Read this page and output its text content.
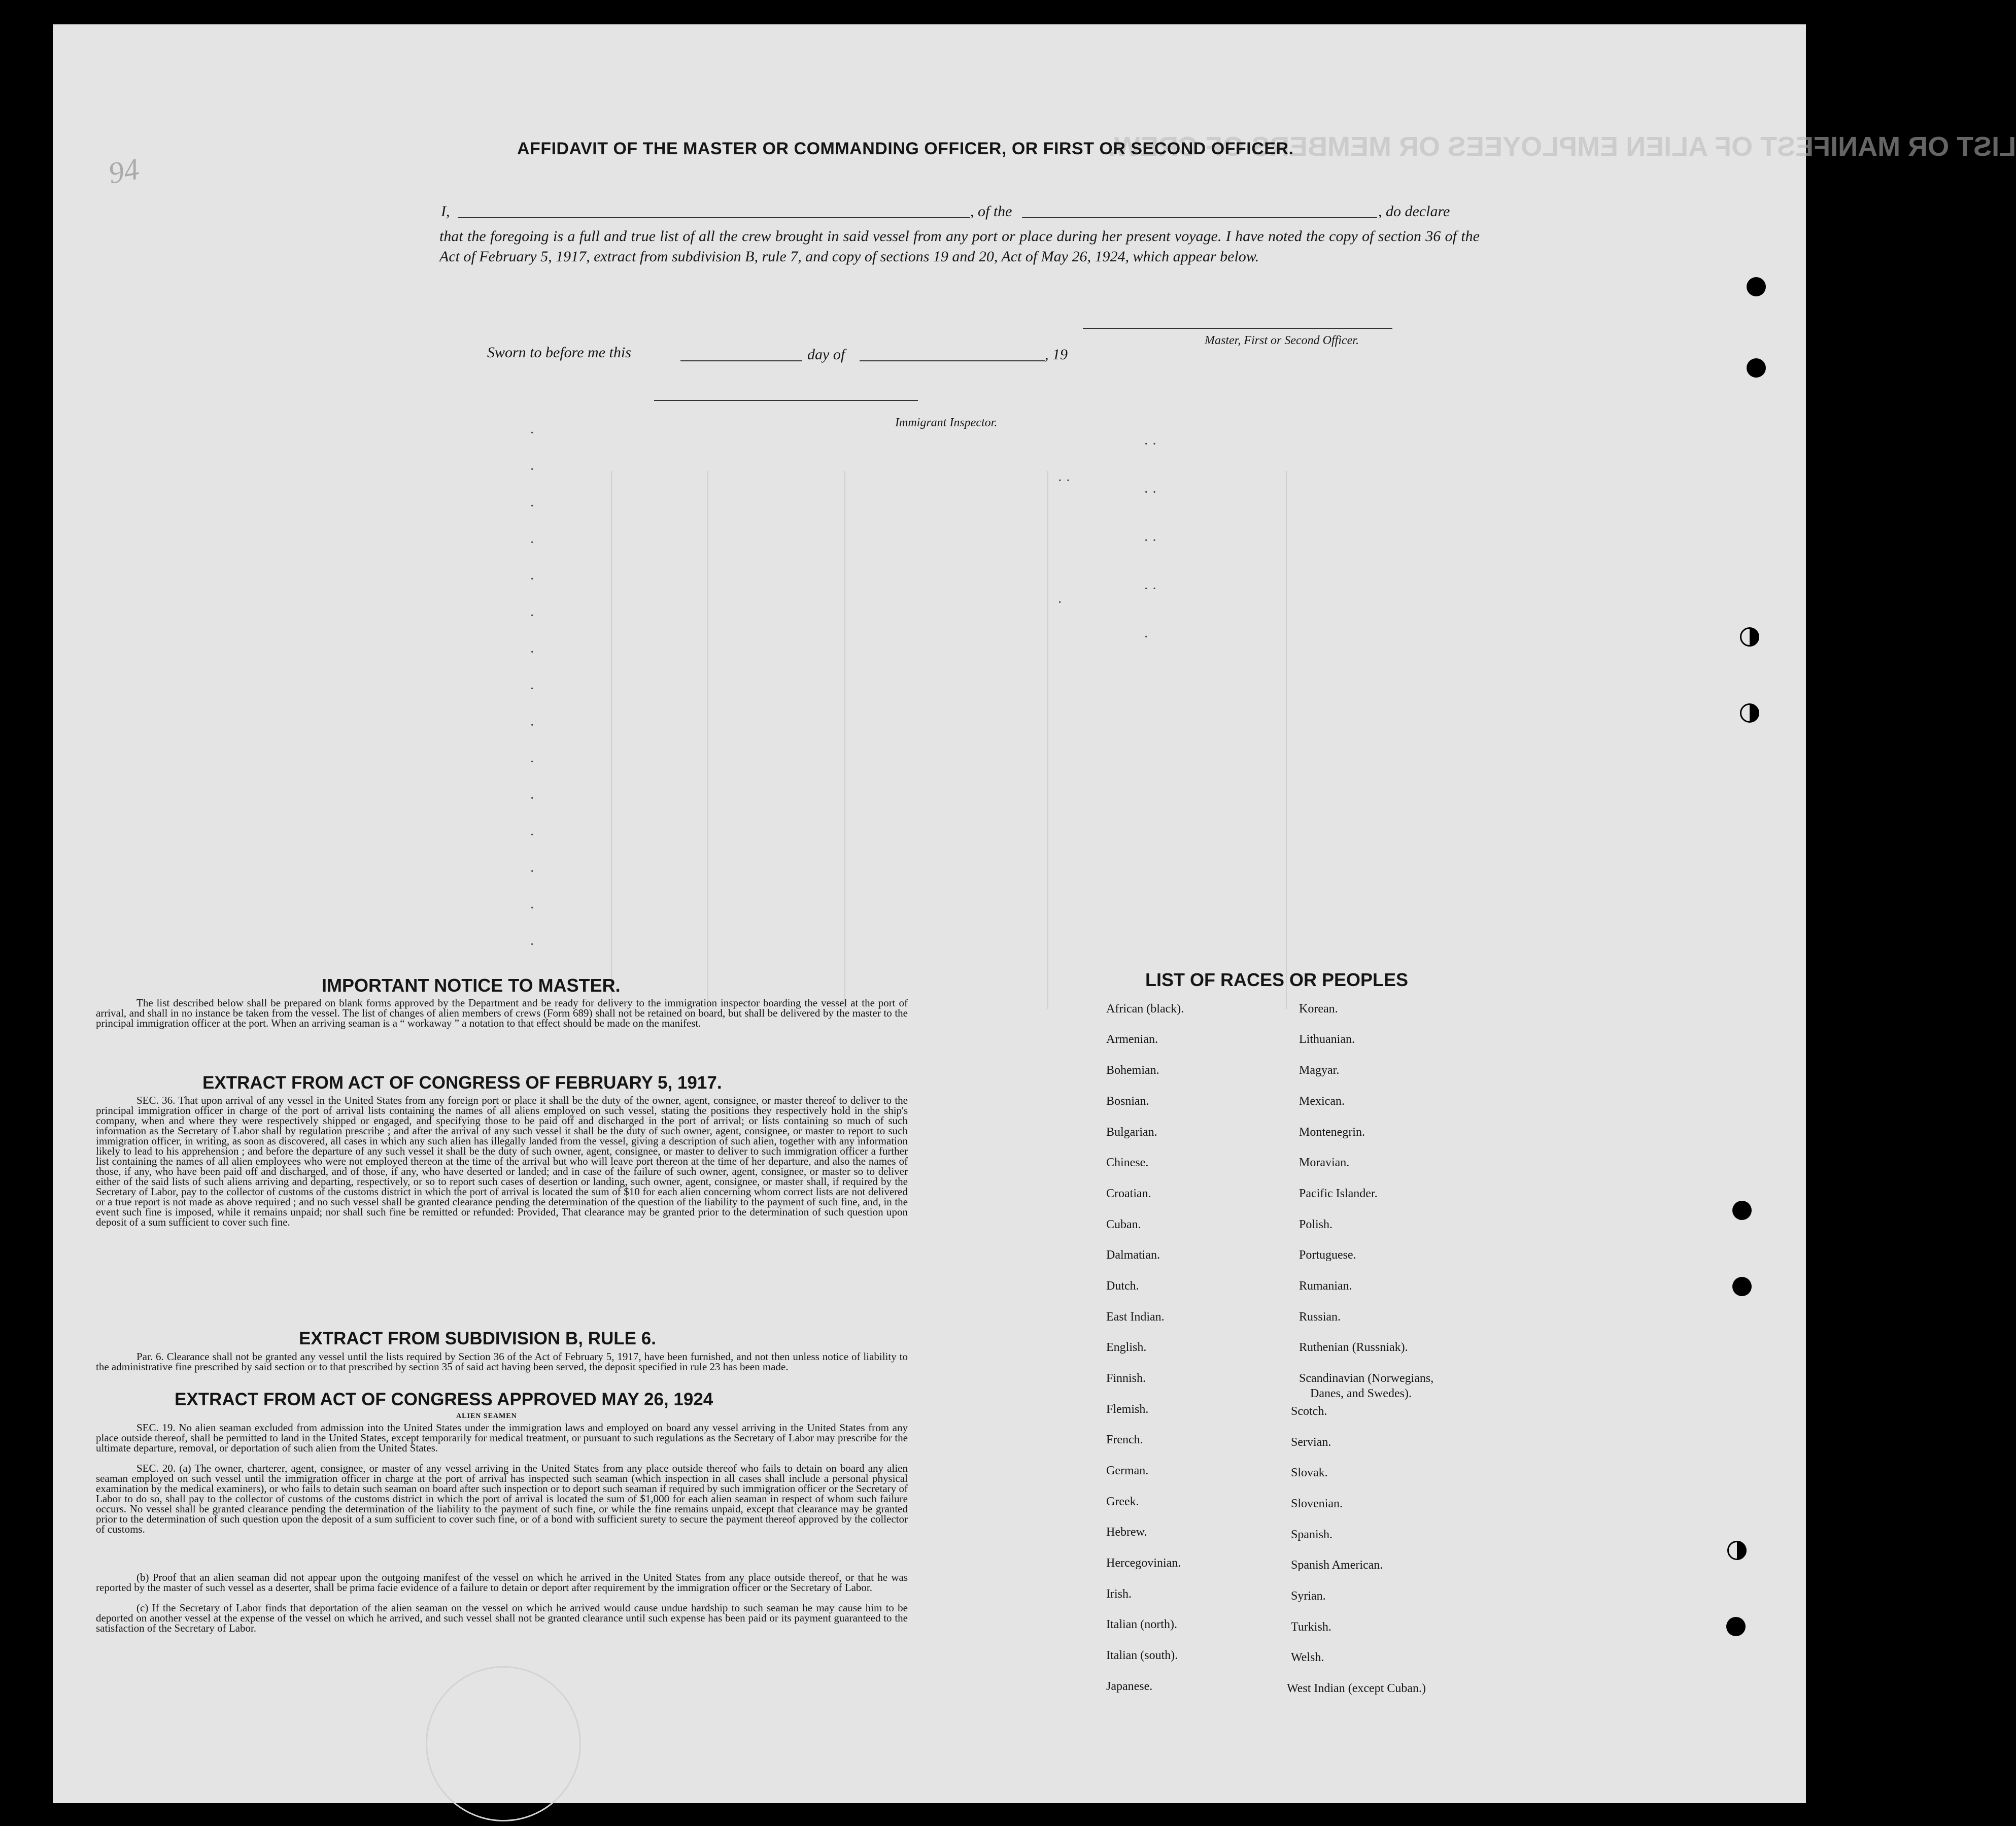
LIST OR MANIFEST OF ALIEN EMPLOYEES OR MEMBERS OF CREW.
94
AFFIDAVIT OF THE MASTER OR COMMANDING OFFICER, OR FIRST OR SECOND OFFICER.
I,	, of the	, do declare
that the foregoing is a full and true list of all the crew brought in said vessel from any port or place during her present voyage. I have noted the copy of section 36 of the Act of February 5, 1917, extract from subdivision B, rule 7, and copy of sections 19 and 20, Act of May 26, 1924, which appear below.
Master, First or Second Officer.
Sworn to before me this	day of	, 19
Immigrant Inspector.
· · · · · · · · · · · · · · ·
· · · · · · · · ·
· · ·
IMPORTANT NOTICE TO MASTER.
The list described below shall be prepared on blank forms approved by the Department and be ready for delivery to the immigration inspector boarding the vessel at the port of arrival, and shall in no instance be taken from the vessel. The list of changes of alien members of crews (Form 689) shall not be retained on board, but shall be delivered by the master to the principal immigration officer at the port. When an arriving seaman is a “ workaway ” a notation to that effect should be made on the manifest.
EXTRACT FROM ACT OF CONGRESS OF FEBRUARY 5, 1917.
SEC. 36. That upon arrival of any vessel in the United States from any foreign port or place it shall be the duty of the owner, agent, consignee, or master thereof to deliver to the principal immigration officer in charge of the port of arrival lists containing the names of all aliens employed on such vessel, stating the positions they respectively hold in the ship's company, when and where they were respectively shipped or engaged, and specifying those to be paid off and discharged in the port of arrival; or lists containing so much of such information as the Secretary of Labor shall by regulation prescribe ; and after the arrival of any such vessel it shall be the duty of such owner, agent, consignee, or master to report to such immigration officer, in writing, as soon as discovered, all cases in which any such alien has illegally landed from the vessel, giving a description of such alien, together with any information likely to lead to his apprehension ; and before the departure of any such vessel it shall be the duty of such owner, agent, consignee, or master to deliver to such immigration officer a further list containing the names of all alien employees who were not employed thereon at the time of the arrival but who will leave port thereon at the time of her departure, and also the names of those, if any, who have been paid off and discharged, and of those, if any, who have deserted or landed; and in case of the failure of such owner, agent, consignee, or master so to deliver either of the said lists of such aliens arriving and departing, respectively, or so to report such cases of desertion or landing, such owner, agent, consignee, or master shall, if required by the Secretary of Labor, pay to the collector of customs of the customs district in which the port of arrival is located the sum of $10 for each alien concerning whom correct lists are not delivered or a true report is not made as above required ; and no such vessel shall be granted clearance pending the determination of the question of the liability to the payment of such fine, and, in the event such fine is imposed, while it remains unpaid; nor shall such fine be remitted or refunded: Provided, That clearance may be granted prior to the determination of such question upon deposit of a sum sufficient to cover such fine.
EXTRACT FROM SUBDIVISION B, RULE 6.
Par. 6. Clearance shall not be granted any vessel until the lists required by Section 36 of the Act of February 5, 1917, have been furnished, and not then unless notice of liability to the administrative fine prescribed by said section or to that prescribed by section 35 of said act having been served, the deposit specified in rule 23 has been made.
EXTRACT FROM ACT OF CONGRESS APPROVED MAY 26, 1924
ALIEN SEAMEN
SEC. 19. No alien seaman excluded from admission into the United States under the immigration laws and employed on board any vessel arriving in the United States from any place outside thereof, shall be permitted to land in the United States, except temporarily for medical treatment, or pursuant to such regulations as the Secretary of Labor may prescribe for the ultimate departure, removal, or deportation of such alien from the United States.
SEC. 20. (a) The owner, charterer, agent, consignee, or master of any vessel arriving in the United States from any place outside thereof who fails to detain on board any alien seaman employed on such vessel until the immigration officer in charge at the port of arrival has inspected such seaman (which inspection in all cases shall include a personal physical examination by the medical examiners), or who fails to detain such seaman on board after such inspection or to deport such seaman if required by such immigration officer or the Secretary of Labor to do so, shall pay to the collector of customs of the customs district in which the port of arrival is located the sum of $1,000 for each alien seaman in respect of whom such failure occurs. No vessel shall be granted clearance pending the determination of the liability to the payment of such fine, or while the fine remains unpaid, except that clearance may be granted prior to the determination of such question upon the deposit of a sum sufficient to cover such fine, or of a bond with sufficient surety to secure the payment thereof approved by the collector of customs.
(b) Proof that an alien seaman did not appear upon the outgoing manifest of the vessel on which he arrived in the United States from any place outside thereof, or that he was reported by the master of such vessel as a deserter, shall be prima facie evidence of a failure to detain or deport after requirement by the immigration officer or the Secretary of Labor.
(c) If the Secretary of Labor finds that deportation of the alien seaman on the vessel on which he arrived would cause undue hardship to such seaman he may cause him to be deported on another vessel at the expense of the vessel on which he arrived, and such vessel shall not be granted clearance until such expense has been paid or its payment guaranteed to the satisfaction of the Secretary of Labor.
LIST OF RACES OR PEOPLES
African (black).
Armenian.
Bohemian.
Bosnian.
Bulgarian.
Chinese.
Croatian.
Cuban.
Dalmatian.
Dutch.
East Indian.
English.
Finnish.
Flemish.
French.
German.
Greek.
Hebrew.
Hercegovinian.
Irish.
Italian (north).
Italian (south).
Japanese.
Korean.
Lithuanian.
Magyar.
Mexican.
Montenegrin.
Moravian.
Pacific Islander.
Polish.
Portuguese.
Rumanian.
Russian.
Ruthenian (Russniak).
Scandinavian (Norwegians,
Danes, and Swedes).
Scotch.
Servian.
Slovak.
Slovenian.
Spanish.
Spanish American.
Syrian.
Turkish.
Welsh.
West Indian (except Cuban.)
